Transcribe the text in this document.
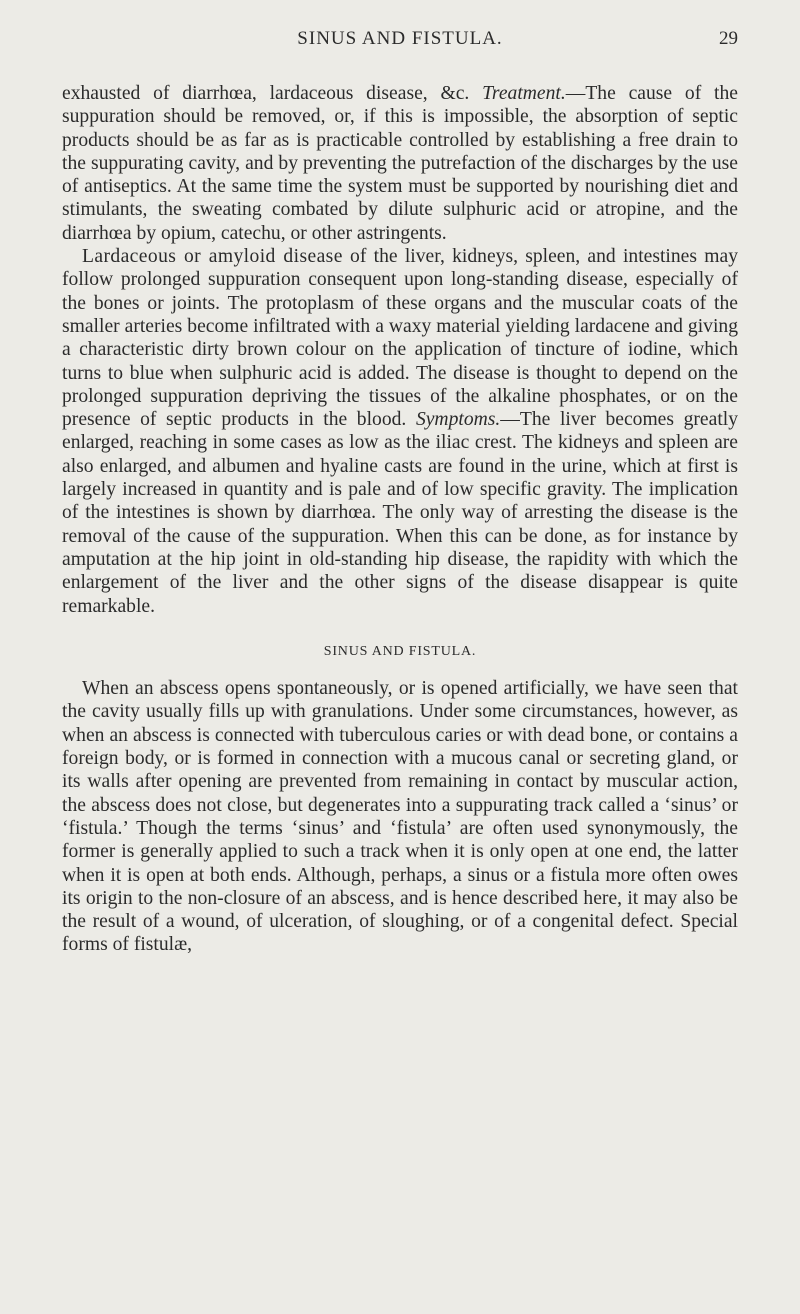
SINUS AND FISTULA.	29

exhausted of diarrhœa, lardaceous disease, &c. Treatment.—The cause of the suppuration should be removed, or, if this is impossible, the absorption of septic products should be as far as is practicable controlled by establishing a free drain to the suppurating cavity, and by preventing the putrefaction of the discharges by the use of antiseptics. At the same time the system must be supported by nourishing diet and stimulants, the sweating combated by dilute sulphuric acid or atropine, and the diarrhœa by opium, catechu, or other astringents.

Lardaceous or amyloid disease of the liver, kidneys, spleen, and intestines may follow prolonged suppuration consequent upon long-standing disease, especially of the bones or joints. The protoplasm of these organs and the muscular coats of the smaller arteries become infiltrated with a waxy material yielding lardacene and giving a characteristic dirty brown colour on the application of tincture of iodine, which turns to blue when sulphuric acid is added. The disease is thought to depend on the prolonged suppuration depriving the tissues of the alkaline phosphates, or on the presence of septic products in the blood. Symptoms.—The liver becomes greatly enlarged, reaching in some cases as low as the iliac crest. The kidneys and spleen are also enlarged, and albumen and hyaline casts are found in the urine, which at first is largely increased in quantity and is pale and of low specific gravity. The implication of the intestines is shown by diarrhœa. The only way of arresting the disease is the removal of the cause of the suppuration. When this can be done, as for instance by amputation at the hip joint in old-standing hip disease, the rapidity with which the enlargement of the liver and the other signs of the disease disappear is quite remarkable.

SINUS AND FISTULA.

When an abscess opens spontaneously, or is opened artificially, we have seen that the cavity usually fills up with granulations. Under some circumstances, however, as when an abscess is connected with tuberculous caries or with dead bone, or contains a foreign body, or is formed in connection with a mucous canal or secreting gland, or its walls after opening are prevented from remaining in contact by muscular action, the abscess does not close, but degenerates into a suppurating track called a ‘sinus’ or ‘fistula.’ Though the terms ‘sinus’ and ‘fistula’ are often used synonymously, the former is generally applied to such a track when it is only open at one end, the latter when it is open at both ends. Although, perhaps, a sinus or a fistula more often owes its origin to the non-closure of an abscess, and is hence described here, it may also be the result of a wound, of ulceration, of sloughing, or of a congenital defect. Special forms of fistulæ,
